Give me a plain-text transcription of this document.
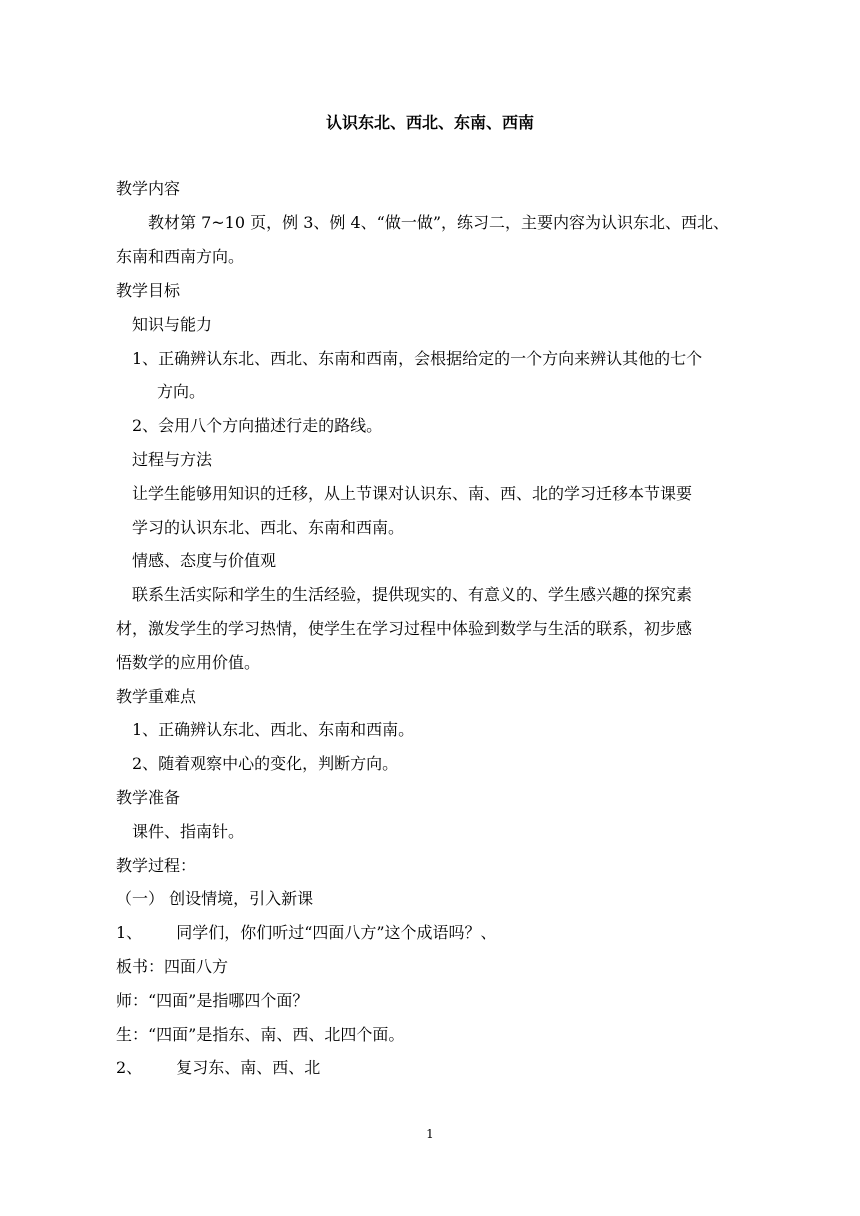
认识东北、西北、东南、西南
教学内容
教材第 7~10 页，例 3、例 4、“做一做”，练习二，主要内容为认识东北、西北、
东南和西南方向。
教学目标
知识与能力
1、正确辨认东北、西北、东南和西南，会根据给定的一个方向来辨认其他的七个
方向。
2、会用八个方向描述行走的路线。
过程与方法
让学生能够用知识的迁移，从上节课对认识东、南、西、北的学习迁移本节课要
学习的认识东北、西北、东南和西南。
情感、态度与价值观
联系生活实际和学生的生活经验，提供现实的、有意义的、学生感兴趣的探究素
材，激发学生的学习热情，使学生在学习过程中体验到数学与生活的联系，初步感
悟数学的应用价值。
教学重难点
1、正确辨认东北、西北、东南和西南。
2、随着观察中心的变化，判断方向。
教学准备
课件、指南针。
教学过程：
（一） 创设情境，引入新课
1、 同学们，你们听过“四面八方”这个成语吗？、
板书：四面八方
师：“四面”是指哪四个面？
生：“四面”是指东、南、西、北四个面。
2、 复习东、南、西、北
1
